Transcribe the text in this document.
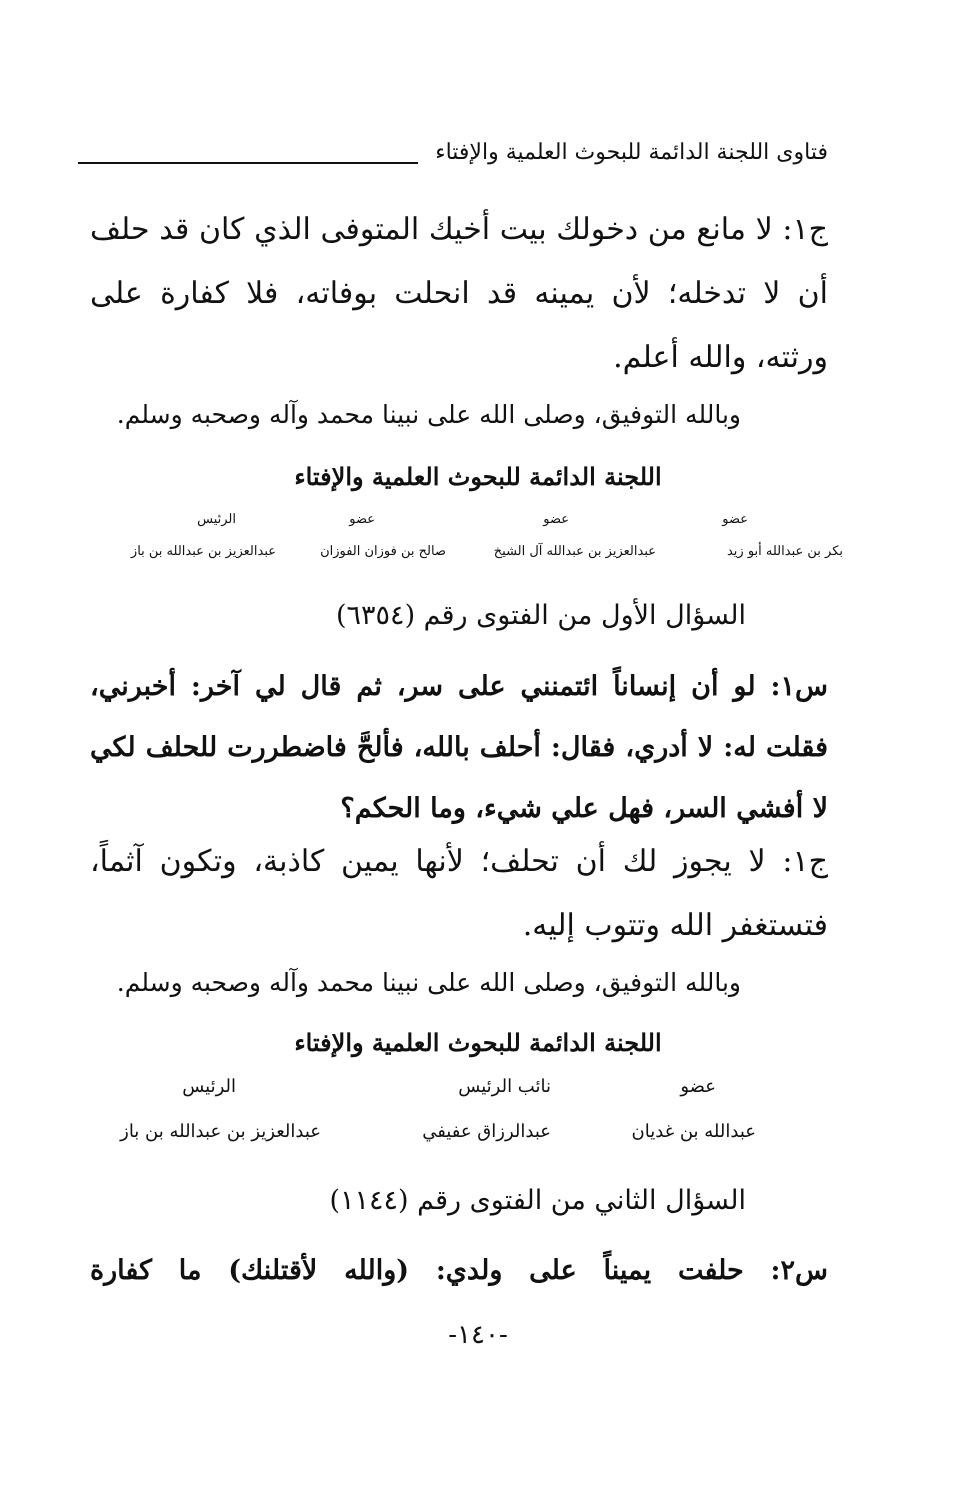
فتاوى اللجنة الدائمة للبحوث العلمية والإفتاء
ج١: لا مانع من دخولك بيت أخيك المتوفى الذي كان قد حلف أن لا تدخله؛ لأن يمينه قد انحلت بوفاته، فلا كفارة على ورثته، والله أعلم.
وبالله التوفيق، وصلى الله على نبينا محمد وآله وصحبه وسلم.
اللجنة الدائمة للبحوث العلمية والإفتاء
عضو
بكر بن عبدالله أبو زيد
عضو
عبدالعزيز بن عبدالله آل الشيخ
عضو
صالح بن فوزان الفوزان
الرئيس
عبدالعزيز بن عبدالله بن باز
السؤال الأول من الفتوى رقم (٦٣٥٤)
س١: لو أن إنساناً ائتمنني على سر، ثم قال لي آخر: أخبرني، فقلت له: لا أدري، فقال: أحلف بالله، فألحَّ فاضطررت للحلف لكي لا أفشي السر، فهل علي شيء، وما الحكم؟
ج١: لا يجوز لك أن تحلف؛ لأنها يمين كاذبة، وتكون آثماً، فتستغفر الله وتتوب إليه.
وبالله التوفيق، وصلى الله على نبينا محمد وآله وصحبه وسلم.
اللجنة الدائمة للبحوث العلمية والإفتاء
عضو
عبدالله بن غديان
نائب الرئيس
عبدالرزاق عفيفي
الرئيس
عبدالعزيز بن عبدالله بن باز
السؤال الثاني من الفتوى رقم (١١٤٤)
س٢: حلفت يميناً على ولدي: (والله لأقتلنك) ما كفارة
-١٤٠-
